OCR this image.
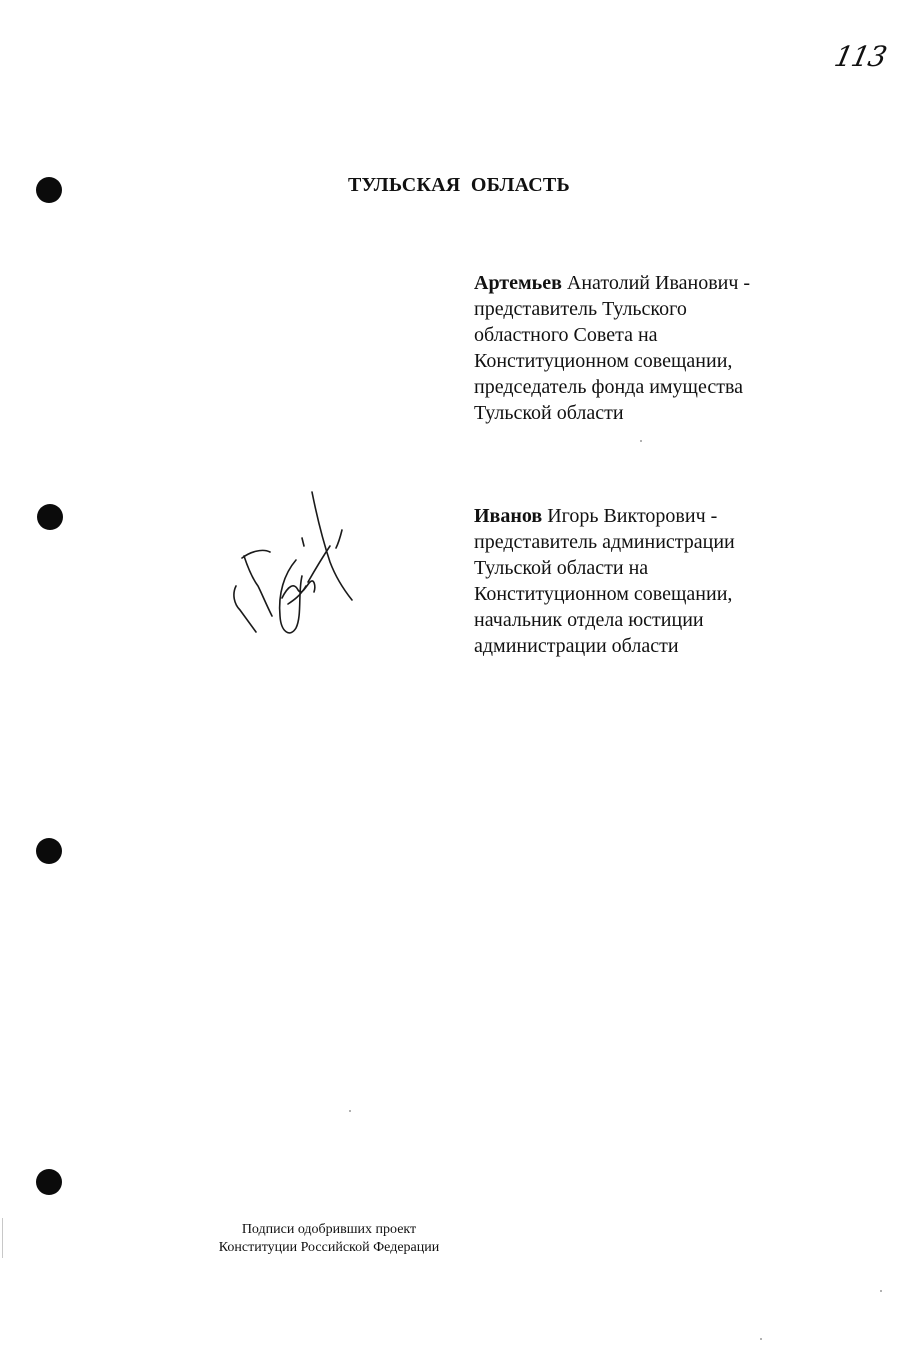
113
ТУЛЬСКАЯ  ОБЛАСТЬ
Артемьев Анатолий Иванович -
представитель Тульского
областного Совета на
Конституционном совещании,
председатель фонда имущества
Тульской области
Иванов Игорь Викторович -
представитель администрации
Тульской области на
Конституционном совещании,
начальник отдела юстиции
администрации области
Подписи одобривших проект
Конституции Российской Федерации
